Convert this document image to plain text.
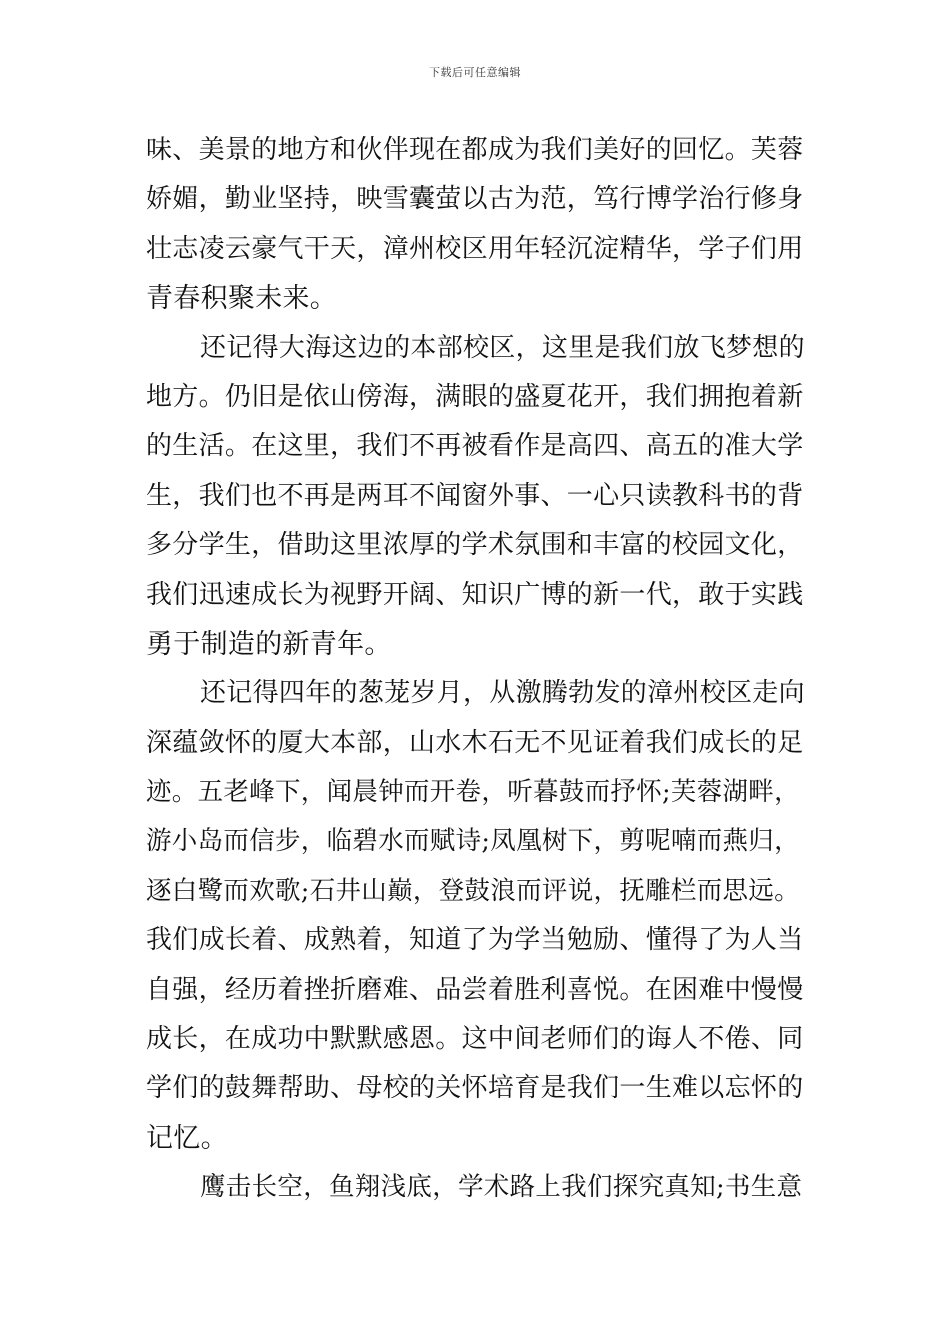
下载后可任意编辑
味、美景的地方和伙伴现在都成为我们美好的回忆。芙蓉
娇媚，勤业坚持，映雪囊萤以古为范，笃行博学治行修身
壮志凌云豪气干天，漳州校区用年轻沉淀精华，学子们用
青春积聚未来。
还记得大海这边的本部校区，这里是我们放飞梦想的
地方。仍旧是依山傍海，满眼的盛夏花开，我们拥抱着新
的生活。在这里，我们不再被看作是高四、高五的准大学
生，我们也不再是两耳不闻窗外事、一心只读教科书的背
多分学生，借助这里浓厚的学术氛围和丰富的校园文化，
我们迅速成长为视野开阔、知识广博的新一代，敢于实践
勇于制造的新青年。
还记得四年的葱茏岁月，从激腾勃发的漳州校区走向
深蕴敛怀的厦大本部，山水木石无不见证着我们成长的足
迹。五老峰下，闻晨钟而开卷，听暮鼓而抒怀;芙蓉湖畔，
游小岛而信步，临碧水而赋诗;凤凰树下，剪呢喃而燕归，
逐白鹭而欢歌;石井山巅，登鼓浪而评说，抚雕栏而思远。
我们成长着、成熟着，知道了为学当勉励、懂得了为人当
自强，经历着挫折磨难、品尝着胜利喜悦。在困难中慢慢
成长，在成功中默默感恩。这中间老师们的诲人不倦、同
学们的鼓舞帮助、母校的关怀培育是我们一生难以忘怀的
记忆。
鹰击长空，鱼翔浅底，学术路上我们探究真知;书生意
